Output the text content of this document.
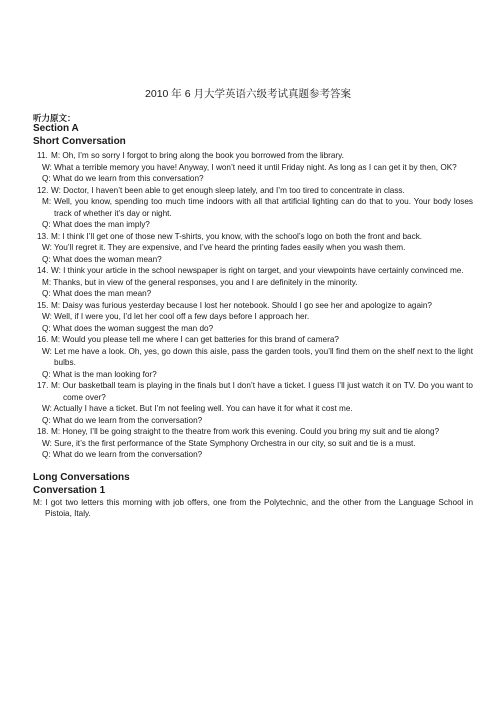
2010 年 6 月大学英语六级考试真题参考答案
听力原文：
Section A
Short Conversation
11. M: Oh, I’m so sorry I forgot to bring along the book you borrowed from the library.
W: What a terrible memory you have! Anyway, I won’t need it until Friday night. As long as I can get it by then, OK?
Q: What do we learn from this conversation?
12. W: Doctor, I haven’t been able to get enough sleep lately, and I’m too tired to concentrate in class.
M: Well, you know, spending too much time indoors with all that artificial lighting can do that to you. Your body loses track of whether it’s day or night.
Q: What does the man imply?
13. M: I think I’ll get one of those new T-shirts, you know, with the school’s logo on both the front and back.
W: You’ll regret it. They are expensive, and I’ve heard the printing fades easily when you wash them.
Q: What does the woman mean?
14. W: I think your article in the school newspaper is right on target, and your viewpoints have certainly convinced me.
M: Thanks, but in view of the general responses, you and I are definitely in the minority.
Q: What does the man mean?
15. M: Daisy was furious yesterday because I lost her notebook. Should I go see her and apologize to again?
W: Well, if I were you, I’d let her cool off a few days before I approach her.
Q: What does the woman suggest the man do?
16. M: Would you please tell me where I can get batteries for this brand of camera?
W: Let me have a look. Oh, yes, go down this aisle, pass the garden tools, you’ll find them on the shelf next to the light bulbs.
Q: What is the man looking for?
17. M: Our basketball team is playing in the finals but I don’t have a ticket. I guess I’ll just watch it on TV. Do you want to come over?
W: Actually I have a ticket. But I’m not feeling well. You can have it for what it cost me.
Q: What do we learn from the conversation?
18. M: Honey, I’ll be going straight to the theatre from work this evening. Could you bring my suit and tie along?
W: Sure, it’s the first performance of the State Symphony Orchestra in our city, so suit and tie is a must.
Q: What do we learn from the conversation?
Long Conversations
Conversation 1
M: I got two letters this morning with job offers, one from the Polytechnic, and the other from the Language School in Pistoia, Italy.
